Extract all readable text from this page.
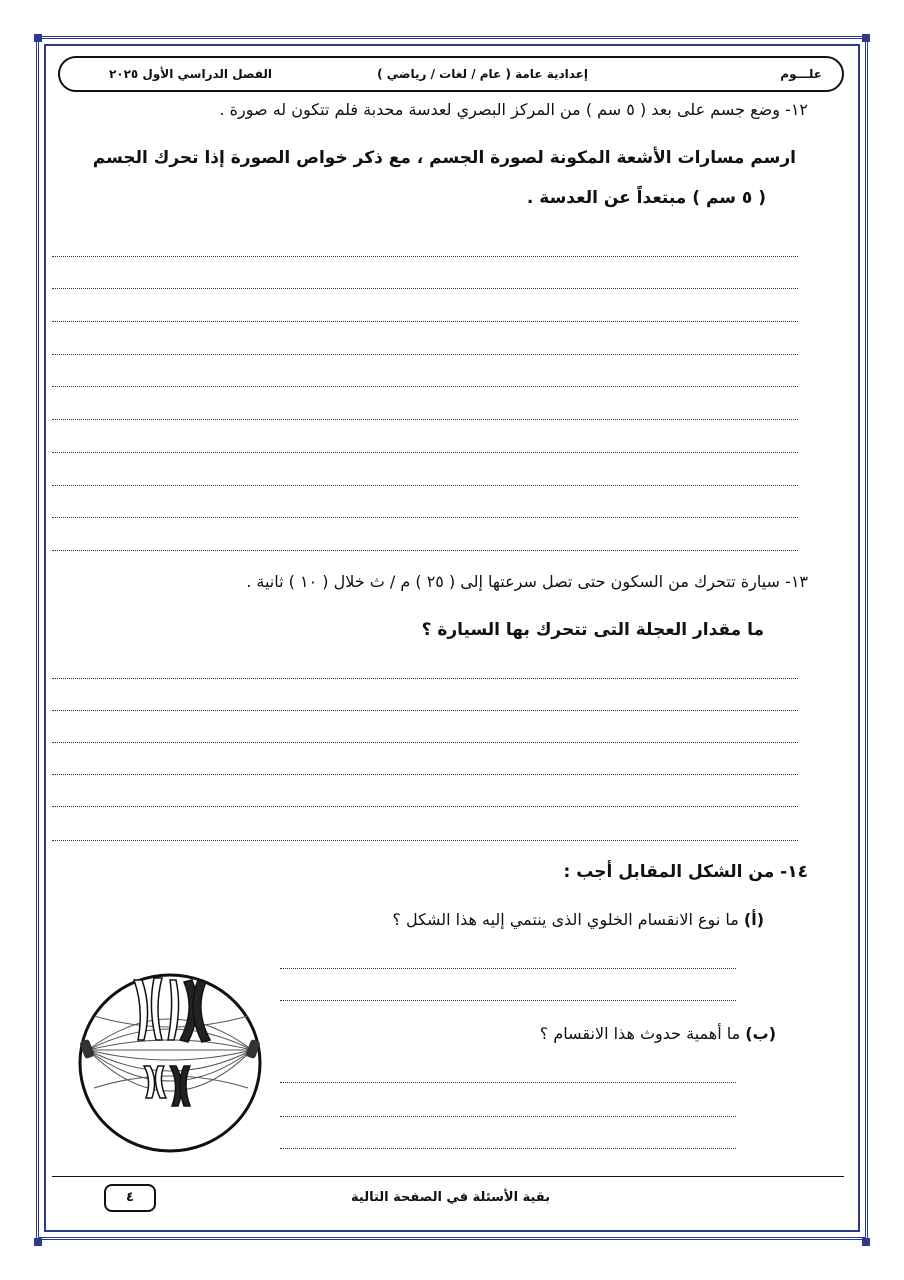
علـــوم
إعدادية عامة ( عام / لغات / رياضي )
الفصل الدراسي الأول ٢٠٢٥
١٢- وضع جسم على بعد ( ٥ سم ) من المركز البصري لعدسة محدبة فلم تتكون له صورة .
ارسم مسارات الأشعة المكونة لصورة الجسم ، مع ذكر خواص الصورة إذا تحرك الجسم
( ٥ سم ) مبتعداً عن العدسة .
١٣- سيارة تتحرك من السكون حتى تصل سرعتها إلى ( ٢٥ ) م / ث خلال ( ١٠ ) ثانية .
ما مقدار العجلة التى تتحرك بها السيارة ؟
١٤- من الشكل المقابل أجب :
(أ) ما نوع الانقسام الخلوي الذى ينتمي إليه هذا الشكل ؟
(ب) ما أهمية حدوث هذا الانقسام ؟
بقية الأسئلة في الصفحة التالية
٤
